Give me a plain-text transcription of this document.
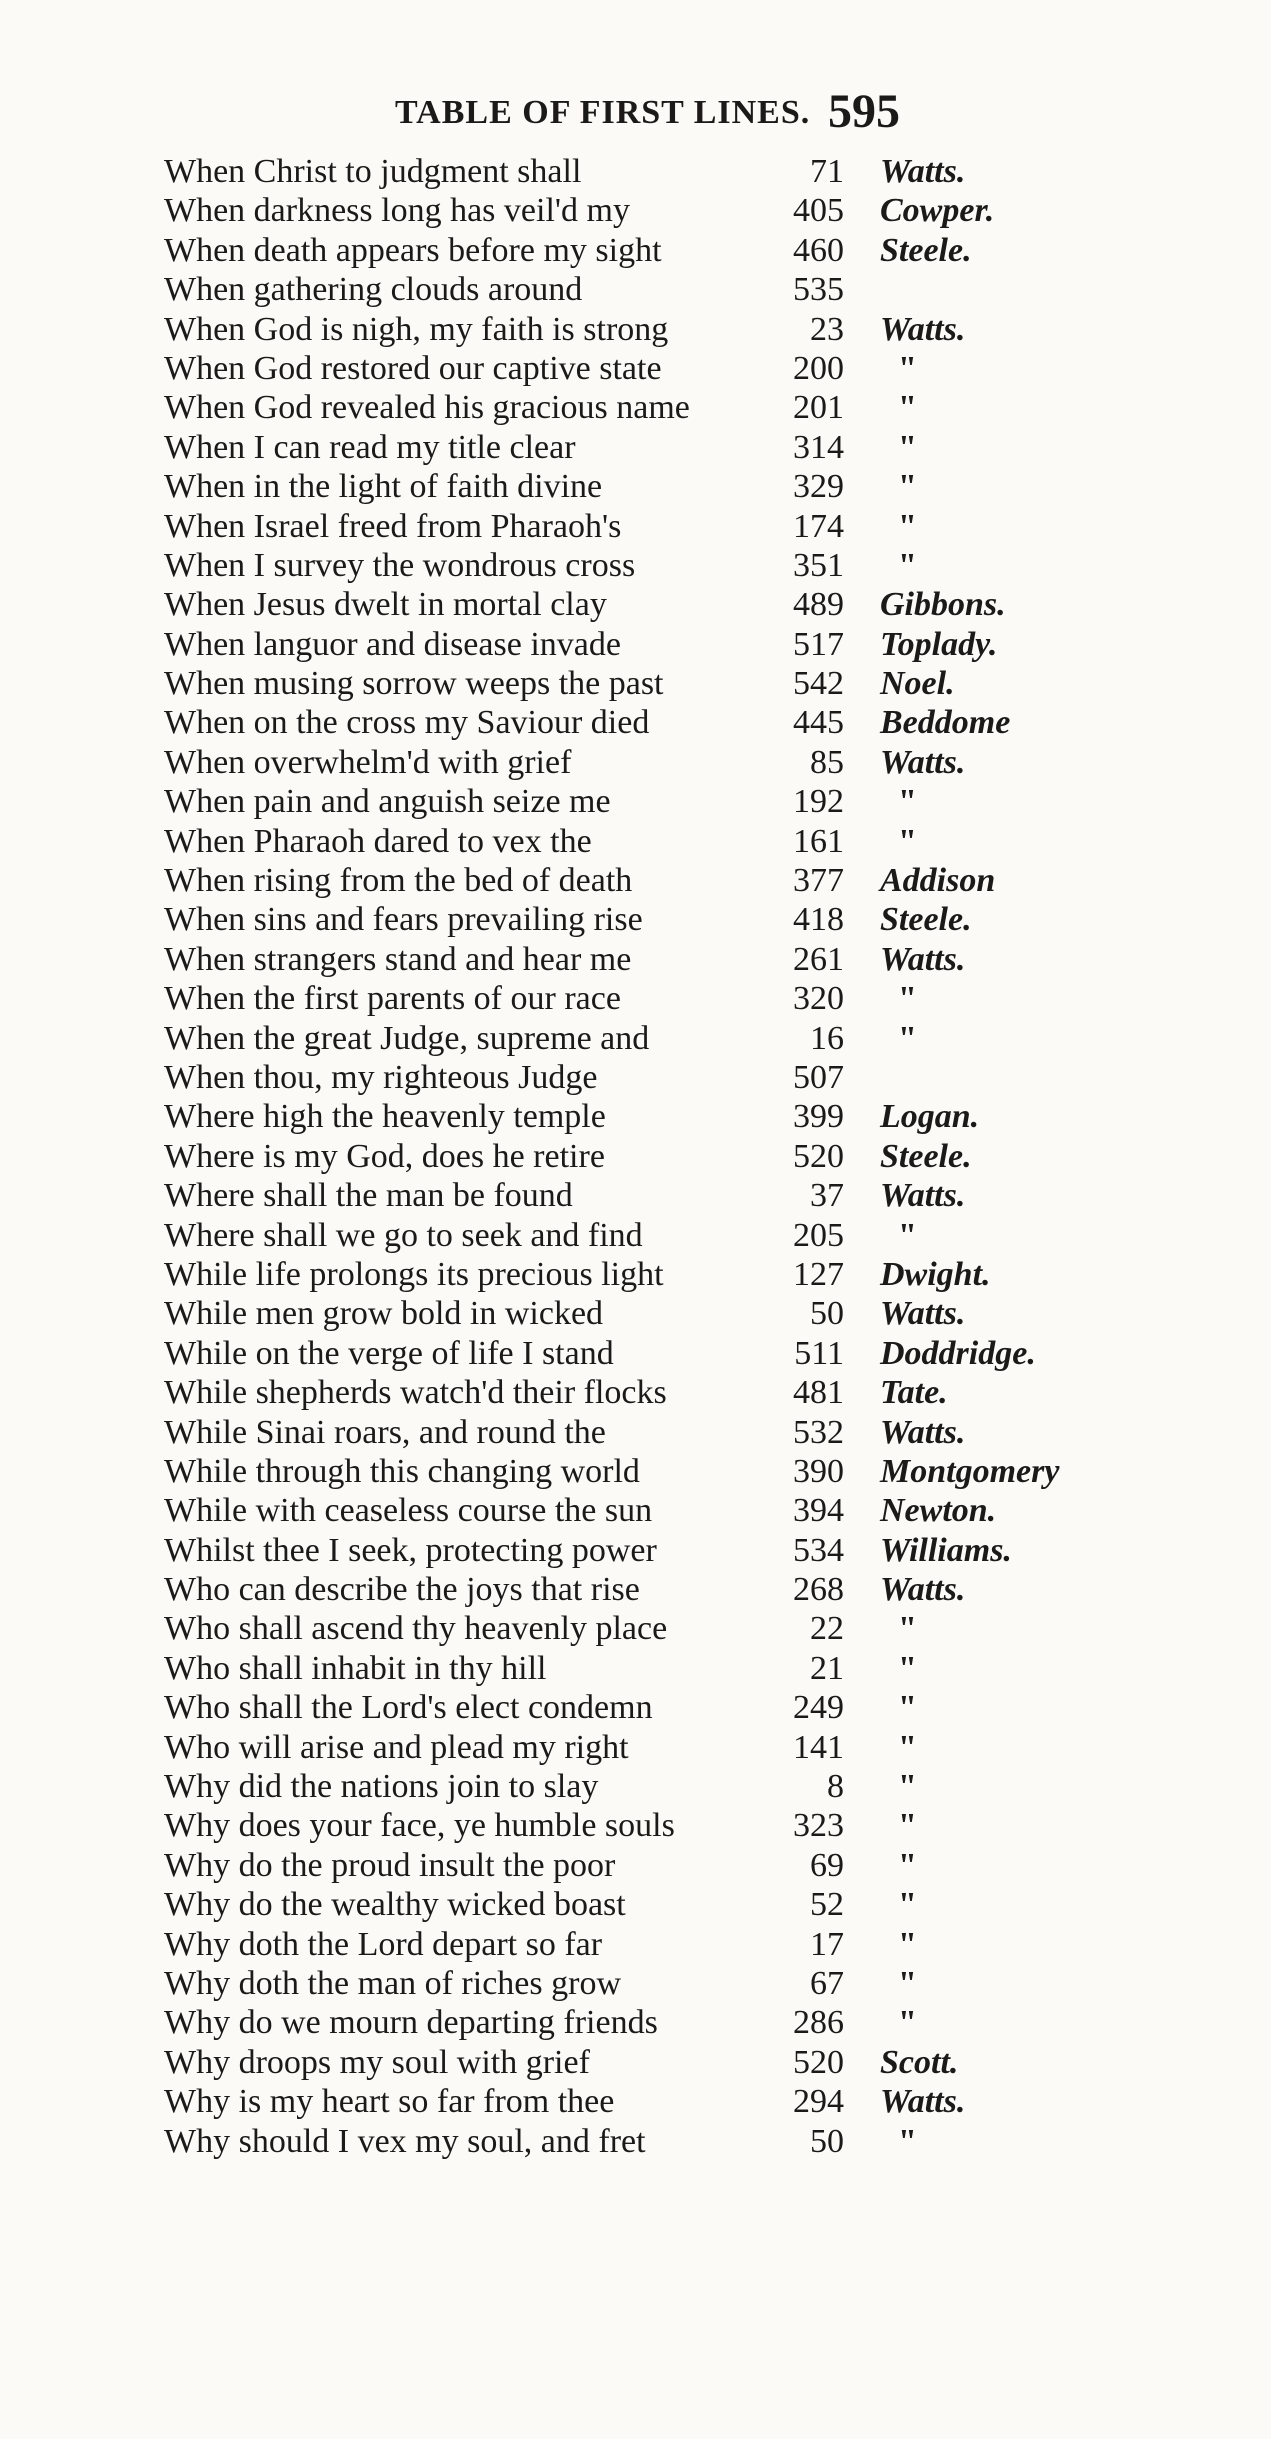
TABLE OF FIRST LINES. 595
When Christ to judgment shall	71 Watts.
When darkness long has veil'd my	405 Cowper.
When death appears before my sight	460 Steele.
When gathering clouds around	535
When God is nigh, my faith is strong	23 Watts.
When God restored our captive state	200 "
When God revealed his gracious name	201 "
When I can read my title clear	314 "
When in the light of faith divine	329 "
When Israel freed from Pharaoh's	174 "
When I survey the wondrous cross	351 "
When Jesus dwelt in mortal clay	489 Gibbons.
When languor and disease invade	517 Toplady.
When musing sorrow weeps the past	542 Noel.
When on the cross my Saviour died	445 Beddome
When overwhelm'd with grief	85 Watts.
When pain and anguish seize me	192 "
When Pharaoh dared to vex the	161 "
When rising from the bed of death	377 Addison
When sins and fears prevailing rise	418 Steele.
When strangers stand and hear me	261 Watts.
When the first parents of our race	320 "
When the great Judge, supreme and	16 "
When thou, my righteous Judge	507
Where high the heavenly temple	399 Logan.
Where is my God, does he retire	520 Steele.
Where shall the man be found	37 Watts.
Where shall we go to seek and find	205 "
While life prolongs its precious light	127 Dwight.
While men grow bold in wicked	50 Watts.
While on the verge of life I stand	511 Doddridge.
While shepherds watch'd their flocks	481 Tate.
While Sinai roars, and round the	532 Watts.
While through this changing world	390 Montgomery
While with ceaseless course the sun	394 Newton.
Whilst thee I seek, protecting power	534 Williams.
Who can describe the joys that rise	268 Watts.
Who shall ascend thy heavenly place	22 "
Who shall inhabit in thy hill	21 "
Who shall the Lord's elect condemn	249 "
Who will arise and plead my right	141 "
Why did the nations join to slay	8 "
Why does your face, ye humble souls	323 "
Why do the proud insult the poor	69 "
Why do the wealthy wicked boast	52 "
Why doth the Lord depart so far	17 "
Why doth the man of riches grow	67 "
Why do we mourn departing friends	286 "
Why droops my soul with grief	520 Scott.
Why is my heart so far from thee	294 Watts.
Why should I vex my soul, and fret	50 "
